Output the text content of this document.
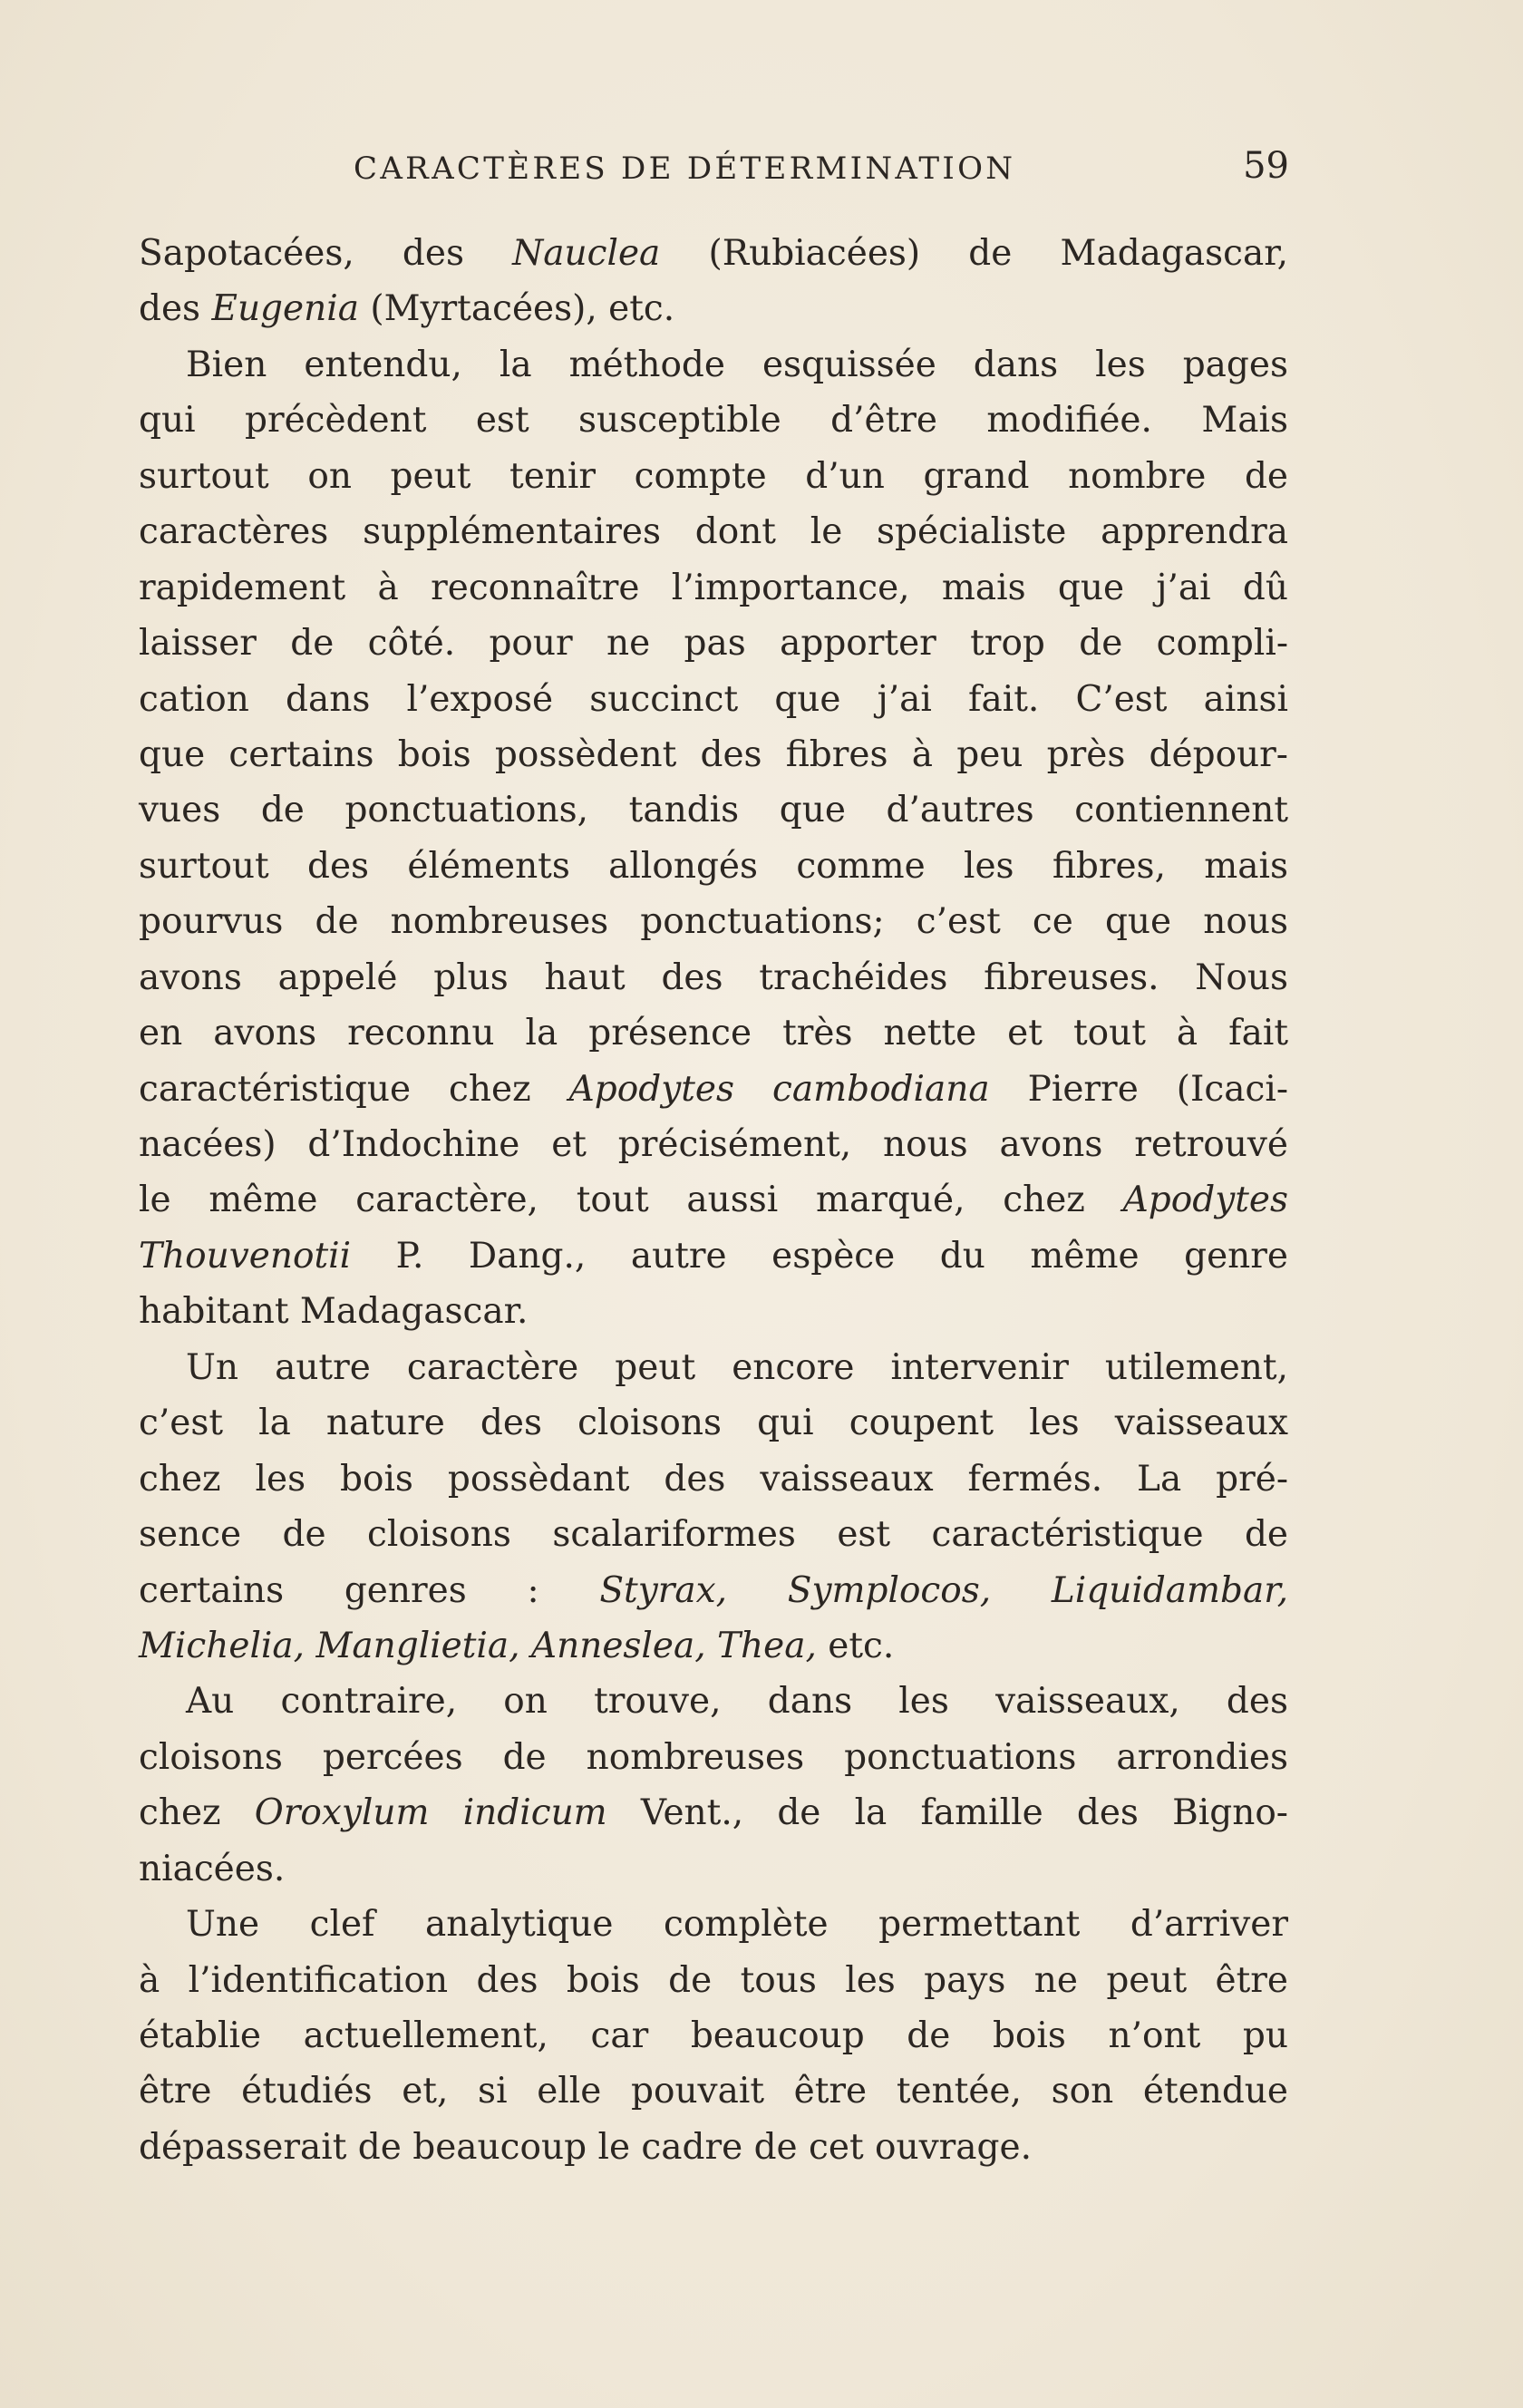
CARACTÈRES DE DÉTERMINATION	59
Sapotacées, des Nauclea (Rubiacées) de Madagascar,
des Eugenia (Myrtacées), etc.
Bien entendu, la méthode esquissée dans les pages
qui précèdent est susceptible d’être modifiée. Mais
surtout on peut tenir compte d’un grand nombre de
caractères supplémentaires dont le spécialiste apprendra
rapidement à reconnaître l’importance, mais que j’ai dû
laisser de côté. pour ne pas apporter trop de compli-
cation dans l’exposé succinct que j’ai fait. C’est ainsi
que certains bois possèdent des fibres à peu près dépour-
vues de ponctuations, tandis que d’autres contiennent
surtout des éléments allongés comme les fibres, mais
pourvus de nombreuses ponctuations; c’est ce que nous
avons appelé plus haut des trachéides fibreuses. Nous
en avons reconnu la présence très nette et tout à fait
caractéristique chez Apodytes cambodiana Pierre (Icaci-
nacées) d’Indochine et précisément, nous avons retrouvé
le même caractère, tout aussi marqué, chez Apodytes
Thouvenotii P. Dang., autre espèce du même genre
habitant Madagascar.
Un autre caractère peut encore intervenir utilement,
c’est la nature des cloisons qui coupent les vaisseaux
chez les bois possèdant des vaisseaux fermés. La pré-
sence de cloisons scalariformes est caractéristique de
certains genres : Styrax, Symplocos, Liquidambar,
Michelia, Manglietia, Anneslea, Thea, etc.
Au contraire, on trouve, dans les vaisseaux, des
cloisons percées de nombreuses ponctuations arrondies
chez Oroxylum indicum Vent., de la famille des Bigno-
niacées.
Une clef analytique complète permettant d’arriver
à l’identification des bois de tous les pays ne peut être
établie actuellement, car beaucoup de bois n’ont pu
être étudiés et, si elle pouvait être tentée, son étendue
dépasserait de beaucoup le cadre de cet ouvrage.
